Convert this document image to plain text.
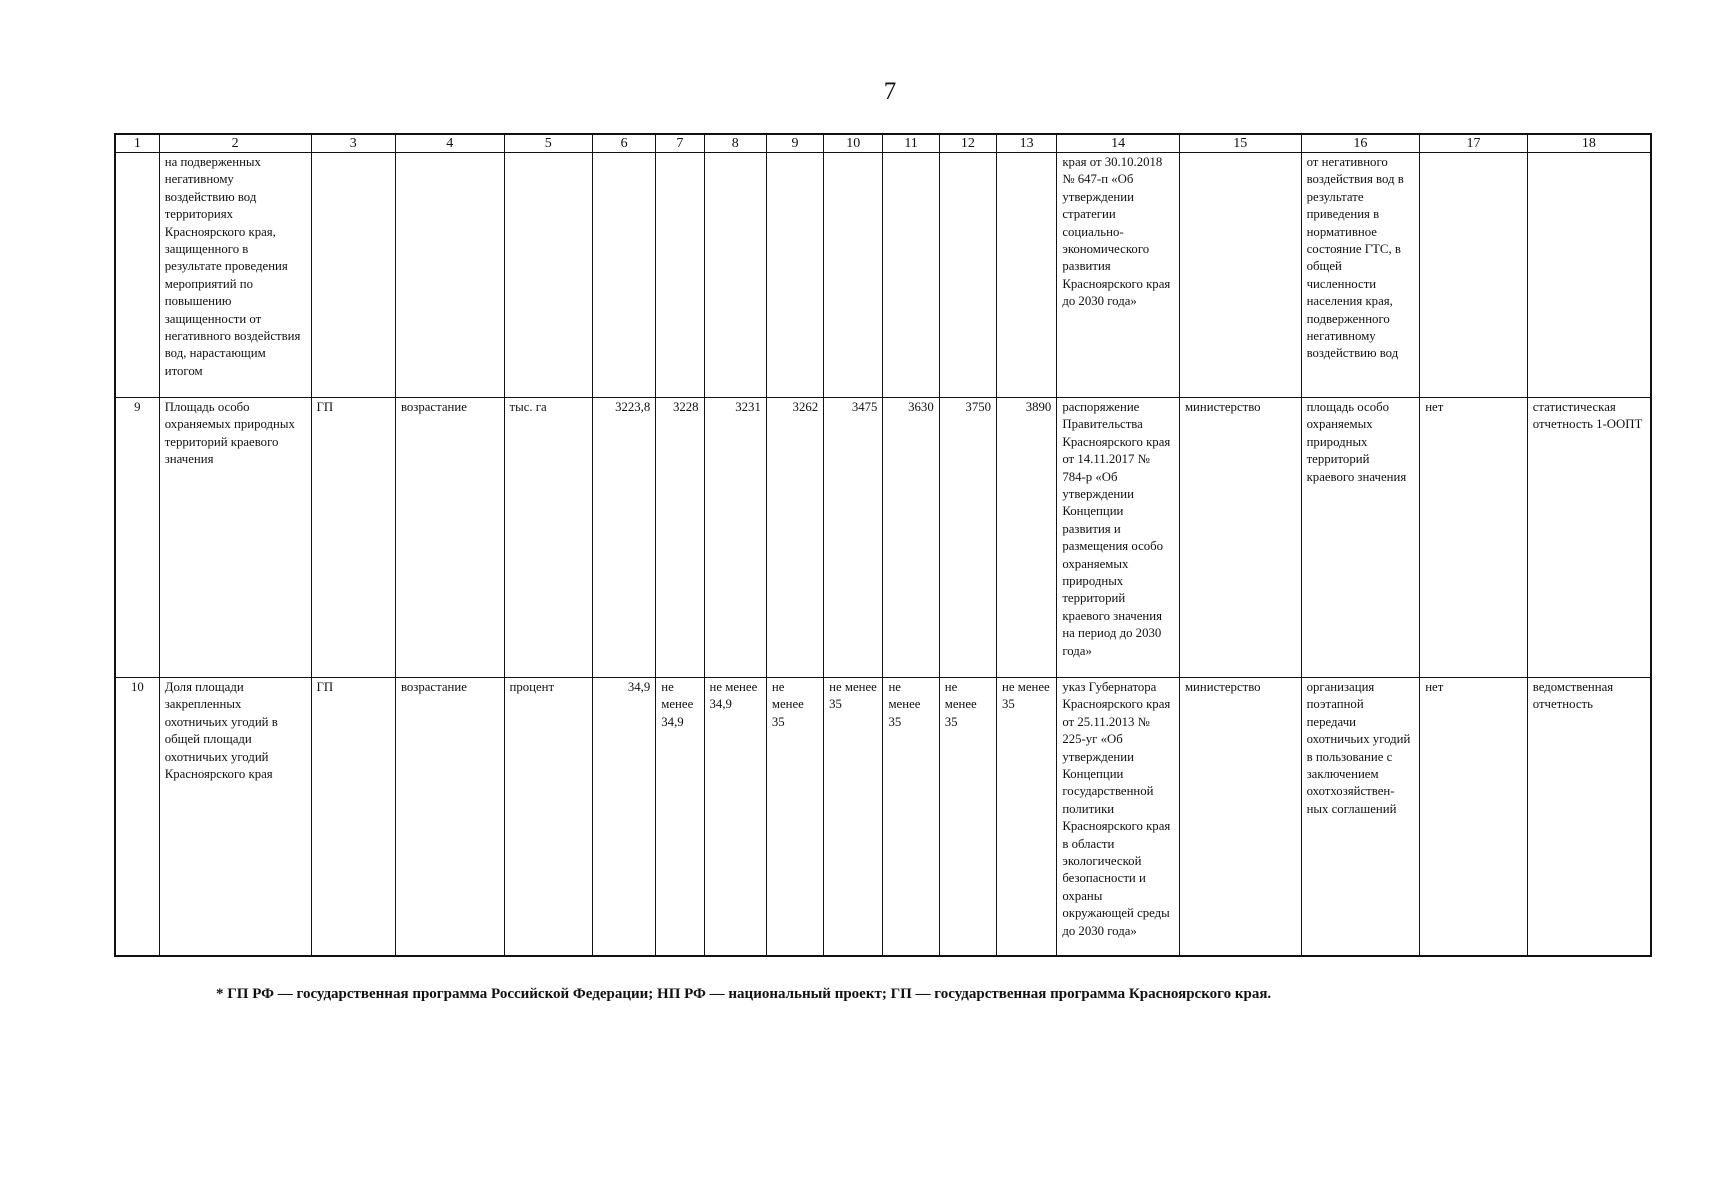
7
1	2	3	4	5	6	7	8	9	10	11	12	13	14	15	16	17	18
	на подверженных негативному воздействию вод территориях Красноярского края, защищенного в результате проведения мероприятий по повышению защищенности от негативного воздействия вод, нарастающим итогом												края от 30.10.2018 № 647-п «Об утверждении стратегии социально-экономического развития Красноярского края до 2030 года»		от негативного воздействия вод в результате приведения в нормативное состояние ГТС, в общей численности населения края, подверженного негативному воздействию вод		
9	Площадь особо охраняемых природных территорий краевого значения	ГП	возрастание	тыс. га	3223,8	3228	3231	3262	3475	3630	3750	3890	распоряжение Правительства Красноярского края от 14.11.2017 № 784-р «Об утверждении Концепции развития и размещения особо охраняемых природных территорий краевого значения на период до 2030 года»	министерство	площадь особо охраняемых природных территорий краевого значения	нет	статистическая отчетность 1-ООПТ
10	Доля площади закрепленных охотничьих угодий в общей площади охотничьих угодий Красноярского края	ГП	возрастание	процент	34,9	не менее 34,9	не менее 34,9	не менее 35	не менее 35	не менее 35	не менее 35	не менее 35	указ Губернатора Красноярского края от 25.11.2013 № 225-уг «Об утверждении Концепции государственной политики Красноярского края в области экологической безопасности и охраны окружающей среды до 2030 года»	министерство	организация поэтапной передачи охотничьих угодий в пользование с заключением охотхозяйствен-ных соглашений	нет	ведомственная отчетность
* ГП РФ — государственная программа Российской Федерации; НП РФ — национальный проект; ГП — государственная программа Красноярского края.
